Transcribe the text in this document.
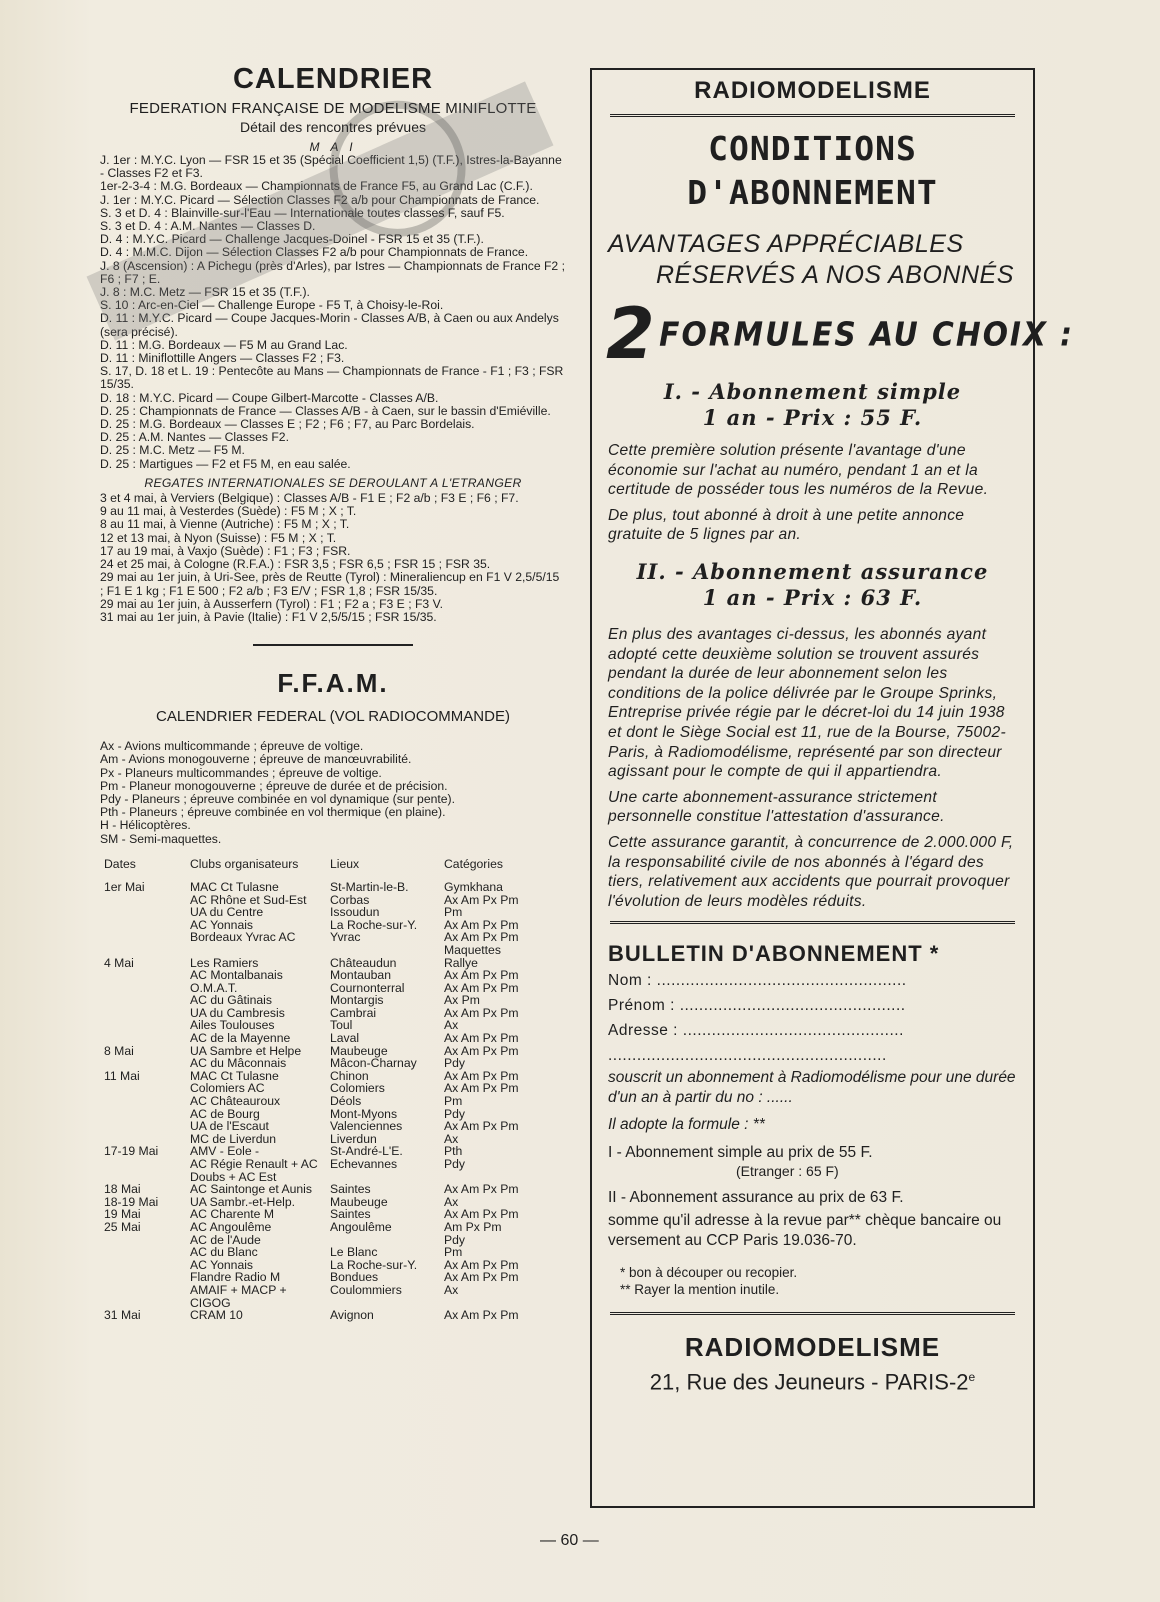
CALENDRIER
FEDERATION FRANÇAISE DE MODELISME MINIFLOTTE
Détail des rencontres prévues
M A I

J. 1er : M.Y.C. Lyon — FSR 15 et 35 (Spécial Coefficient 1,5) (T.F.), Istres-la-Bayanne - Classes F2 et F3.

1er-2-3-4 : M.G. Bordeaux — Championnats de France F5, au Grand Lac (C.F.).

J. 1er : M.Y.C. Picard — Sélection Classes F2 a/b pour Championnats de France.

S. 3 et D. 4 : Blainville-sur-l'Eau — Internationale toutes classes F, sauf F5.

S. 3 et D. 4 : A.M. Nantes — Classes D.

D. 4 : M.Y.C. Picard — Challenge Jacques-Doinel - FSR 15 et 35 (T.F.).

D. 4 : M.M.C. Dijon — Sélection Classes F2 a/b pour Championnats de France.

J. 8 (Ascension) : A Pichegu (près d'Arles), par Istres — Championnats de France F2 ; F6 ; F7 ; E.

J. 8 : M.C. Metz — FSR 15 et 35 (T.F.).

S. 10 : Arc-en-Ciel — Challenge Europe - F5 T, à Choisy-le-Roi.

D. 11 : M.Y.C. Picard — Coupe Jacques-Morin - Classes A/B, à Caen ou aux Andelys (sera précisé).

D. 11 : M.G. Bordeaux — F5 M au Grand Lac.

D. 11 : Miniflottille Angers — Classes F2 ; F3.

S. 17, D. 18 et L. 19 : Pentecôte au Mans — Championnats de France - F1 ; F3 ; FSR 15/35.

D. 18 : M.Y.C. Picard — Coupe Gilbert-Marcotte - Classes A/B.

D. 25 : Championnats de France — Classes A/B - à Caen, sur le bassin d'Emiéville.

D. 25 : M.G. Bordeaux — Classes E ; F2 ; F6 ; F7, au Parc Bordelais.

D. 25 : A.M. Nantes — Classes F2.

D. 25 : M.C. Metz — F5 M.

D. 25 : Martigues — F2 et F5 M, en eau salée.

REGATES INTERNATIONALES SE DEROULANT A L'ETRANGER

3 et 4 mai, à Verviers (Belgique) : Classes A/B - F1 E ; F2 a/b ; F3 E ; F6 ; F7.

9 au 11 mai, à Vesterdes (Suède) : F5 M ; X ; T.

8 au 11 mai, à Vienne (Autriche) : F5 M ; X ; T.

12 et 13 mai, à Nyon (Suisse) : F5 M ; X ; T.

17 au 19 mai, à Vaxjo (Suède) : F1 ; F3 ; FSR.

24 et 25 mai, à Cologne (R.F.A.) : FSR 3,5 ; FSR 6,5 ; FSR 15 ; FSR 35.

29 mai au 1er juin, à Uri-See, près de Reutte (Tyrol) : Mineraliencup en F1 V 2,5/5/15 ; F1 E 1 kg ; F1 E 500 ; F2 a/b ; F3 E/V ; FSR 1,8 ; FSR 15/35.

29 mai au 1er juin, à Ausserfern (Tyrol) : F1 ; F2 a ; F3 E ; F3 V.

31 mai au 1er juin, à Pavie (Italie) : F1 V 2,5/5/15 ; FSR 15/35.

F.F.A.M.
CALENDRIER FEDERAL (VOL RADIOCOMMANDE)

Ax - Avions multicommande ; épreuve de voltige.

Am - Avions monogouverne ; épreuve de manœuvrabilité.

Px - Planeurs multicommandes ; épreuve de voltige.

Pm - Planeur monogouverne ; épreuve de durée et de précision.

Pdy - Planeurs ; épreuve combinée en vol dynamique (sur pente).

Pth - Planeurs ; épreuve combinée en vol thermique (en plaine).

H - Hélicoptères.

SM - Semi-maquettes.

Dates	Clubs organisateurs	Lieux	Catégories
1er Mai	MAC Ct Tulasne	St-Martin-le-B.	Gymkhana
	AC Rhône et Sud-Est	Corbas	Ax Am Px Pm
	UA du Centre	Issoudun	Pm
	AC Yonnais	La Roche-sur-Y.	Ax Am Px Pm
	Bordeaux Yvrac AC	Yvrac	Ax Am Px Pm Maquettes
4 Mai	Les Ramiers	Châteaudun	Rallye
	AC Montalbanais	Montauban	Ax Am Px Pm
	O.M.A.T.	Cournonterral	Ax Am Px Pm
	AC du Gâtinais	Montargis	Ax Pm
	UA du Cambresis	Cambrai	Ax Am Px Pm
	Ailes Toulouses	Toul	Ax
	AC de la Mayenne	Laval	Ax Am Px Pm
8 Mai	UA Sambre et Helpe	Maubeuge	Ax Am Px Pm
	AC du Mâconnais	Mâcon-Charnay	Pdy
11 Mai	MAC Ct Tulasne	Chinon	Ax Am Px Pm
	Colomiers AC	Colomiers	Ax Am Px Pm
	AC Châteauroux	Déols	Pm
	AC de Bourg	Mont-Myons	Pdy
	UA de l'Escaut	Valenciennes	Ax Am Px Pm
	MC de Liverdun	Liverdun	Ax
17-19 Mai	AMV - Eole -	St-André-L'E.	Pth
	AC Régie Renault + AC Doubs + AC Est	Echevannes	Pdy
18 Mai	AC Saintonge et Aunis	Saintes	Ax Am Px Pm
18-19 Mai	UA Sambr.-et-Help.	Maubeuge	Ax
19 Mai	AC Charente M	Saintes	Ax Am Px Pm
25 Mai	AC Angoulême	Angoulême	Am Px Pm
	AC de l'Aude		Pdy
	AC du Blanc	Le Blanc	Pm
	AC Yonnais	La Roche-sur-Y.	Ax Am Px Pm
	Flandre Radio M	Bondues	Ax Am Px Pm
	AMAIF + MACP + CIGOG	Coulommiers	Ax
31 Mai	CRAM 10	Avignon	Ax Am Px Pm
— 60 —
RADIOMODELISME
CONDITIONS
D'ABONNEMENT
AVANTAGES APPRÉCIABLES
RÉSERVÉS A NOS ABONNÉS
2 FORMULES AU CHOIX :
I. - Abonnement simple
1 an - Prix : 55 F.

Cette première solution présente l'avantage d'une économie sur l'achat au numéro, pendant 1 an et la certitude de posséder tous les numéros de la Revue.

De plus, tout abonné à droit à une petite annonce gratuite de 5 lignes par an.

II. - Abonnement assurance
1 an - Prix : 63 F.

En plus des avantages ci-dessus, les abonnés ayant adopté cette deuxième solution se trouvent assurés pendant la durée de leur abonnement selon les conditions de la police délivrée par le Groupe Sprinks, Entreprise privée régie par le décret-loi du 14 juin 1938 et dont le Siège Social est 11, rue de la Bourse, 75002-Paris, à Radiomodélisme, représenté par son directeur agissant pour le compte de qui il appartiendra.

Une carte abonnement-assurance strictement personnelle constitue l'attestation d'assurance.

Cette assurance garantit, à concurrence de 2.000.000 F, la responsabilité civile de nos abonnés à l'égard des tiers, relativement aux accidents que pourrait provoquer l'évolution de leurs modèles réduits.

BULLETIN D'ABONNEMENT *
Nom : ....................................................
Prénom : ...............................................
Adresse : ..............................................
..........................................................

souscrit un abonnement à Radiomodélisme pour une durée d'un an à partir du no : ......

Il adopte la formule : **

I - Abonnement simple au prix de 55 F.

(Etranger : 65 F)

II - Abonnement assurance au prix de 63 F.

somme qu'il adresse à la revue par** chèque bancaire ou versement au CCP Paris 19.036-70.

* bon à découper ou recopier.
** Rayer la mention inutile.
RADIOMODELISME
21, Rue des Jeuneurs - PARIS-2e
